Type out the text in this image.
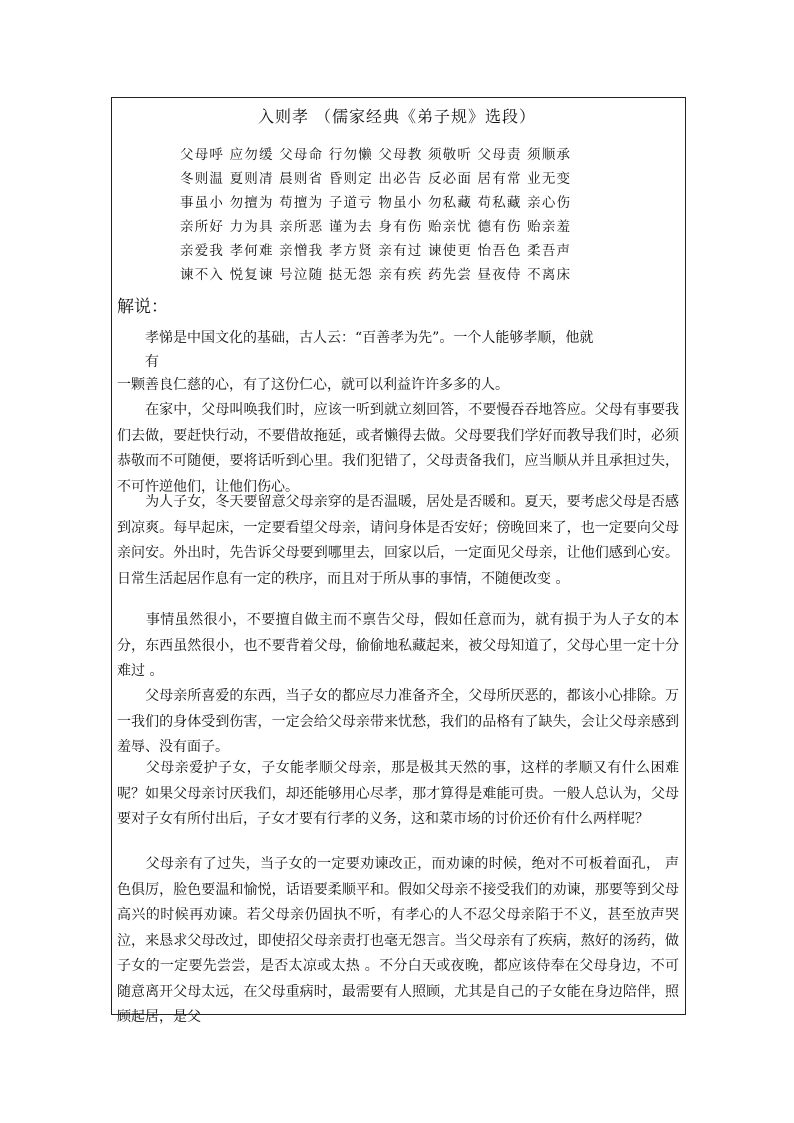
入则孝 （儒家经典《弟子规》选段）
父母呼 应勿缓 父母命 行勿懒 父母教 须敬听 父母责 须顺承
冬则温 夏则凊 晨则省 昏则定 出必告 反必面 居有常 业无变
事虽小 勿擅为 苟擅为 子道亏 物虽小 勿私藏 苟私藏 亲心伤
亲所好 力为具 亲所恶 谨为去 身有伤 贻亲忧 德有伤 贻亲羞
亲爱我 孝何难 亲憎我 孝方贤 亲有过 谏使更 怡吾色 柔吾声
谏不入 悦复谏 号泣随 挞无怨 亲有疾 药先尝 昼夜侍 不离床
解说：
孝悌是中国文化的基础，古人云：“百善孝为先”。一个人能够孝顺，他就
有
一颗善良仁慈的心，有了这份仁心，就可以利益许许多多的人。
　　在家中，父母叫唤我们时，应该一听到就立刻回答，不要慢吞吞地答应。父母有事要我们去做，要赶快行动，不要借故拖延，或者懒得去做。父母要我们学好而教导我们时，必须恭敬而不可随便，要将话听到心里。我们犯错了，父母责备我们，应当顺从并且承担过失，不可忤逆他们，让他们伤心。
　　为人子女，冬天要留意父母亲穿的是否温暖，居处是否暖和。夏天，要考虑父母是否感到凉爽。每早起床，一定要看望父母亲，请问身体是否安好；傍晚回来了，也一定要向父母亲问安。外出时，先告诉父母要到哪里去，回家以后，一定面见父母亲，让他们感到心安。日常生活起居作息有一定的秩序，而且对于所从事的事情，不随便改变 。
　　事情虽然很小，不要擅自做主而不禀告父母，假如任意而为，就有损于为人子女的本分，东西虽然很小，也不要背着父母，偷偷地私藏起来，被父母知道了，父母心里一定十分难过 。
　　父母亲所喜爱的东西，当子女的都应尽力准备齐全，父母所厌恶的，都该小心排除。万一我们的身体受到伤害，一定会给父母亲带来忧愁，我们的品格有了缺失，会让父母亲感到羞辱、没有面子。
　　父母亲爱护子女，子女能孝顺父母亲，那是极其天然的事，这样的孝顺又有什么困难呢？如果父母亲讨厌我们，却还能够用心尽孝，那才算得是难能可贵。一般人总认为，父母要对子女有所付出后，子女才要有行孝的义务，这和菜市场的讨价还价有什么两样呢？
　　父母亲有了过失，当子女的一定要劝谏改正，而劝谏的时候，绝对不可板着面孔， 声色俱厉，脸色要温和愉悦，话语要柔顺平和。假如父母亲不接受我们的劝谏，那要等到父母高兴的时候再劝谏。若父母亲仍固执不听，有孝心的人不忍父母亲陷于不义，甚至放声哭泣，来恳求父母改过，即使招父母亲责打也毫无怨言。当父母亲有了疾病，熬好的汤药，做子女的一定要先尝尝，是否太凉或太热 。不分白天或夜晚，都应该侍奉在父母身边，不可随意离开父母太远，在父母重病时，最需要有人照顾，尤其是自己的子女能在身边陪伴，照顾起居，是父
